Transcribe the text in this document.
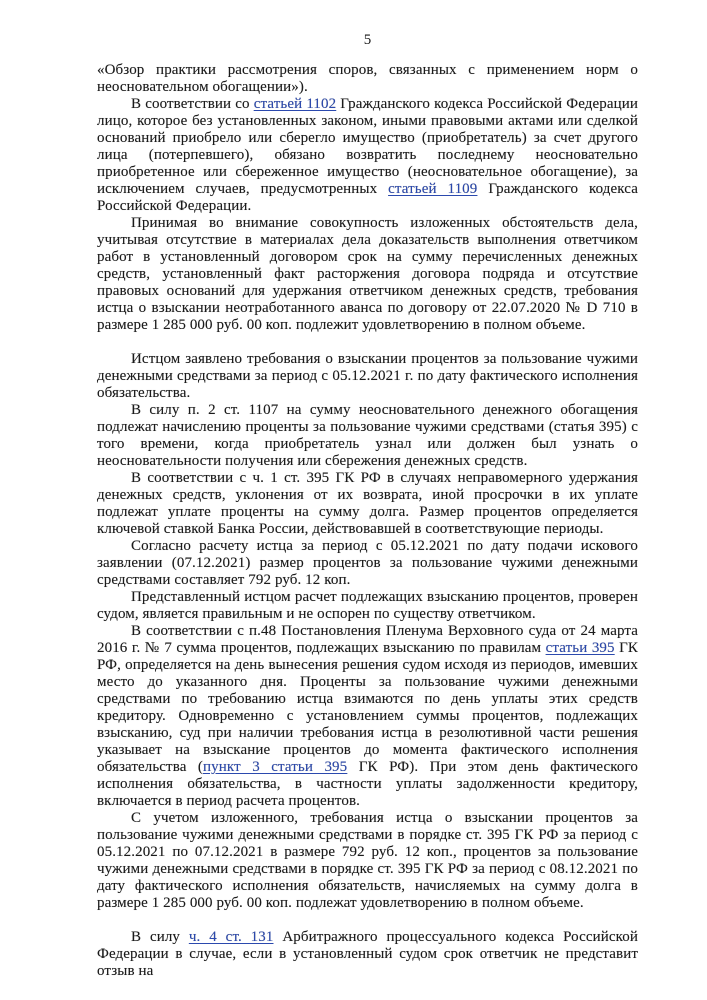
5

«Обзор практики рассмотрения споров, связанных с применением норм о неосновательном обогащении»).

В соответствии со статьей 1102 Гражданского кодекса Российской Федерации лицо, которое без установленных законом, иными правовыми актами или сделкой оснований приобрело или сберегло имущество (приобретатель) за счет другого лица (потерпевшего), обязано возвратить последнему неосновательно приобретенное или сбереженное имущество (неосновательное обогащение), за исключением случаев, предусмотренных статьей 1109 Гражданского кодекса Российской Федерации.

Принимая во внимание совокупность изложенных обстоятельств дела, учитывая отсутствие в материалах дела доказательств выполнения ответчиком работ в установленный договором срок на сумму перечисленных денежных средств, установленный факт расторжения договора подряда и отсутствие правовых оснований для удержания ответчиком денежных средств, требования истца о взыскании неотработанного аванса по договору от 22.07.2020 № D 710 в размере 1 285 000 руб. 00 коп. подлежит удовлетворению в полном объеме.

Истцом заявлено требования о взыскании процентов за пользование чужими денежными средствами за период с 05.12.2021 г. по дату фактического исполнения обязательства.

В силу п. 2 ст. 1107 на сумму неосновательного денежного обогащения подлежат начислению проценты за пользование чужими средствами (статья 395) с того времени, когда приобретатель узнал или должен был узнать о неосновательности получения или сбережения денежных средств.

В соответствии с ч. 1 ст. 395 ГК РФ в случаях неправомерного удержания денежных средств, уклонения от их возврата, иной просрочки в их уплате подлежат уплате проценты на сумму долга. Размер процентов определяется ключевой ставкой Банка России, действовавшей в соответствующие периоды.

Согласно расчету истца за период с 05.12.2021 по дату подачи искового заявлении (07.12.2021) размер процентов за пользование чужими денежными средствами составляет 792 руб. 12 коп.

Представленный истцом расчет подлежащих взысканию процентов, проверен судом, является правильным и не оспорен по существу ответчиком.

В соответствии с п.48 Постановления Пленума Верховного суда от 24 марта 2016 г. № 7 сумма процентов, подлежащих взысканию по правилам статьи 395 ГК РФ, определяется на день вынесения решения судом исходя из периодов, имевших место до указанного дня. Проценты за пользование чужими денежными средствами по требованию истца взимаются по день уплаты этих средств кредитору. Одновременно с установлением суммы процентов, подлежащих взысканию, суд при наличии требования истца в резолютивной части решения указывает на взыскание процентов до момента фактического исполнения обязательства (пункт 3 статьи 395 ГК РФ). При этом день фактического исполнения обязательства, в частности уплаты задолженности кредитору, включается в период расчета процентов.

С учетом изложенного, требования истца о взыскании процентов за пользование чужими денежными средствами в порядке ст. 395 ГК РФ за период с 05.12.2021 по 07.12.2021 в размере 792 руб. 12 коп., процентов за пользование чужими денежными средствами в порядке ст. 395 ГК РФ за период с 08.12.2021 по дату фактического исполнения обязательств, начисляемых на сумму долга в размере 1 285 000 руб. 00 коп. подлежат удовлетворению в полном объеме.

В силу ч. 4 ст. 131 Арбитражного процессуального кодекса Российской Федерации в случае, если в установленный судом срок ответчик не представит отзыв на
